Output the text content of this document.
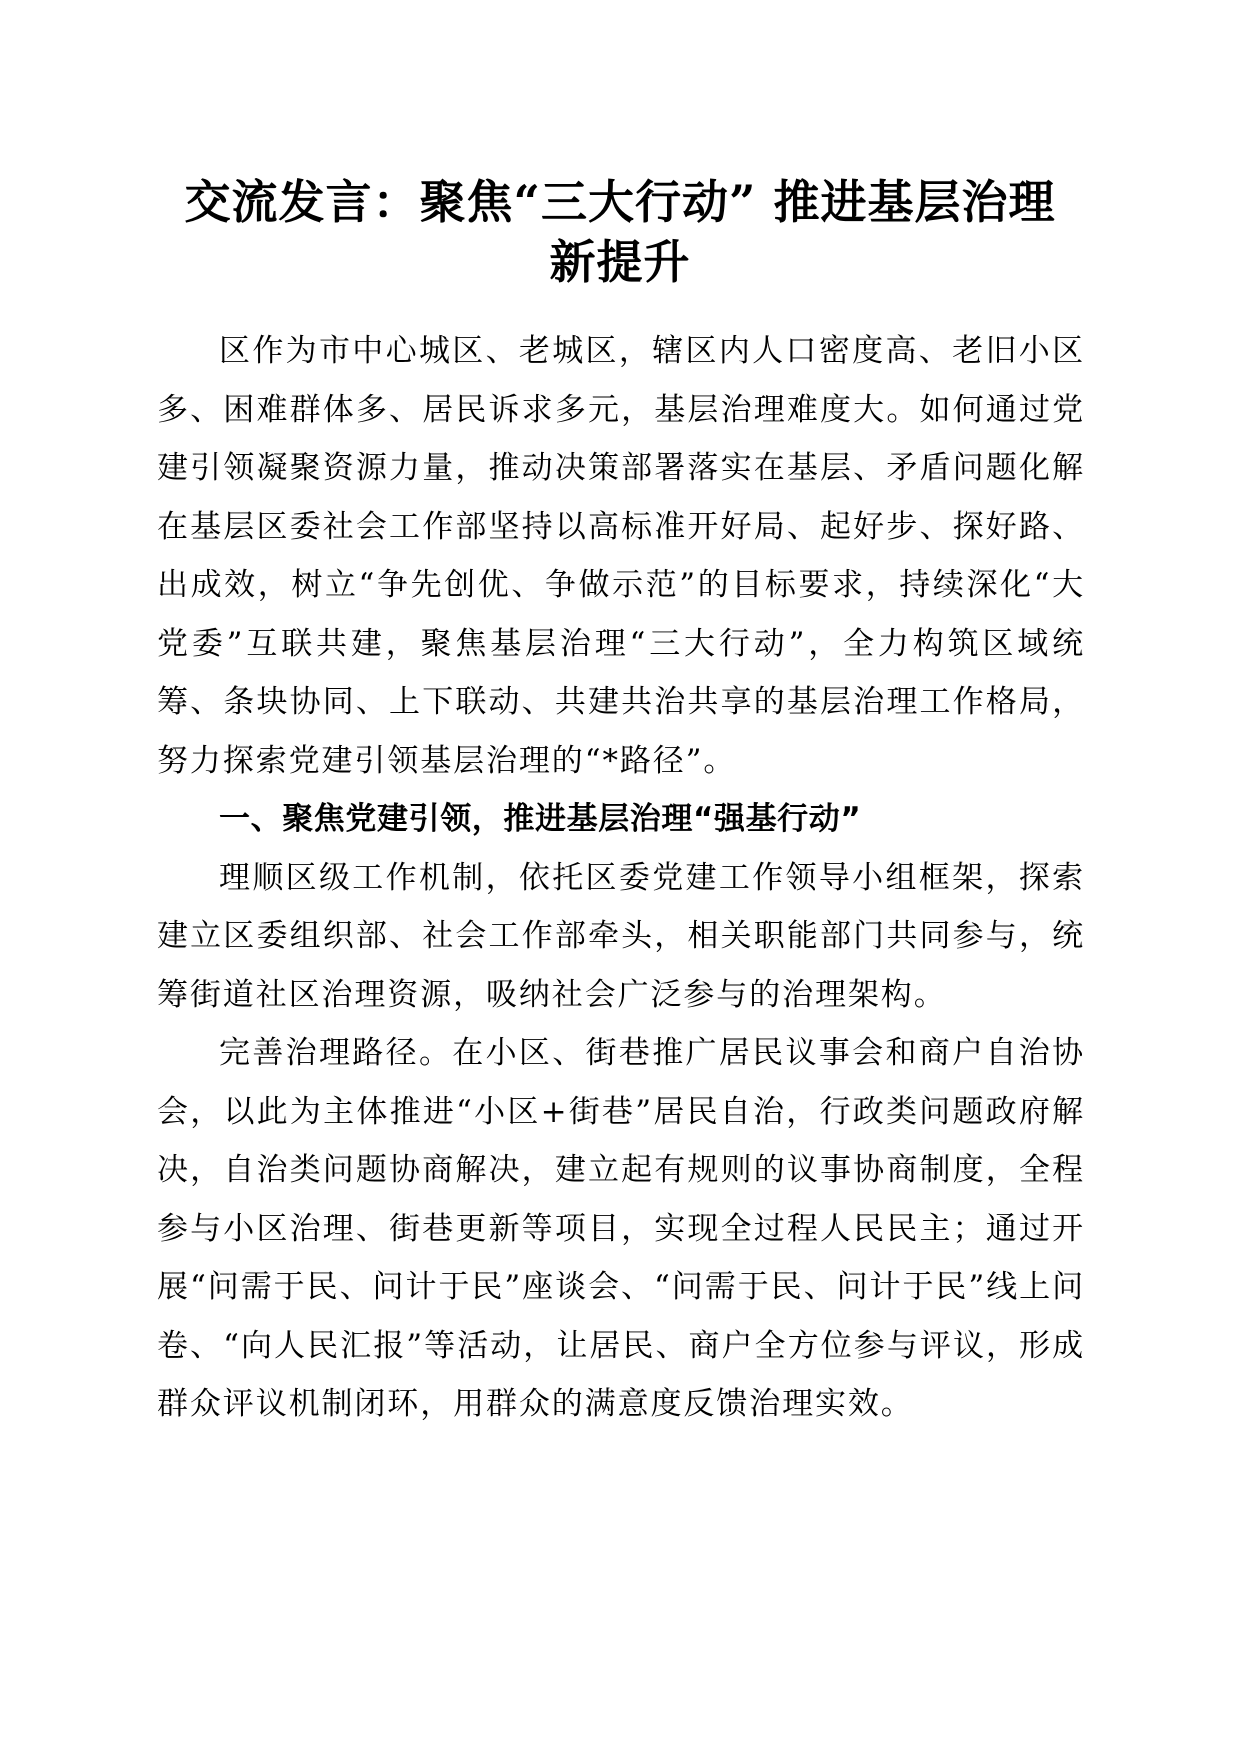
交流发言：聚焦“三大行动” 推进基层治理
新提升

区作为市中心城区、老城区，辖区内人口密度高、老旧小区多、困难群体多、居民诉求多元，基层治理难度大。如何通过党建引领凝聚资源力量，推动决策部署落实在基层、矛盾问题化解在基层区委社会工作部坚持以高标准开好局、起好步、探好路、出成效，树立“争先创优、争做示范”的目标要求，持续深化“大党委”互联共建，聚焦基层治理“三大行动”，全力构筑区域统筹、条块协同、上下联动、共建共治共享的基层治理工作格局，努力探索党建引领基层治理的“*路径”。

一、聚焦党建引领，推进基层治理“强基行动”

理顺区级工作机制，依托区委党建工作领导小组框架，探索建立区委组织部、社会工作部牵头，相关职能部门共同参与，统筹街道社区治理资源，吸纳社会广泛参与的治理架构。

完善治理路径。在小区、街巷推广居民议事会和商户自治协会，以此为主体推进“小区+街巷”居民自治，行政类问题政府解决，自治类问题协商解决，建立起有规则的议事协商制度，全程参与小区治理、街巷更新等项目，实现全过程人民民主；通过开展“问需于民、问计于民”座谈会、“问需于民、问计于民”线上问卷、“向人民汇报”等活动，让居民、商户全方位参与评议，形成群众评议机制闭环，用群众的满意度反馈治理实效。
